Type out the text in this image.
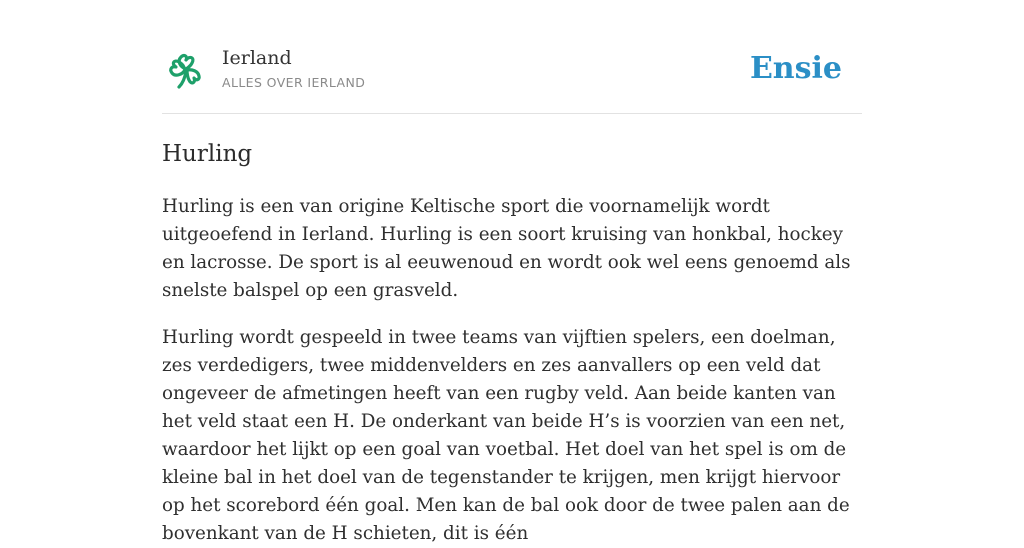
Ierland
ALLES OVER IERLAND	Ensie
Hurling

Hurling is een van origine Keltische sport die voornamelijk wordt uitgeoefend in Ierland. Hurling is een soort kruising van honkbal, hockey en lacrosse. De sport is al eeuwenoud en wordt ook wel eens genoemd als snelste balspel op een grasveld.

Hurling wordt gespeeld in twee teams van vijftien spelers, een doelman, zes verdedigers, twee middenvelders en zes aanvallers op een veld dat ongeveer de afmetingen heeft van een rugby veld. Aan beide kanten van het veld staat een H. De onderkant van beide H’s is voorzien van een net, waardoor het lijkt op een goal van voetbal. Het doel van het spel is om de kleine bal in het doel van de tegenstander te krijgen, men krijgt hiervoor op het scorebord één goal. Men kan de bal ook door de twee palen aan de bovenkant van de H schieten, dit is één
